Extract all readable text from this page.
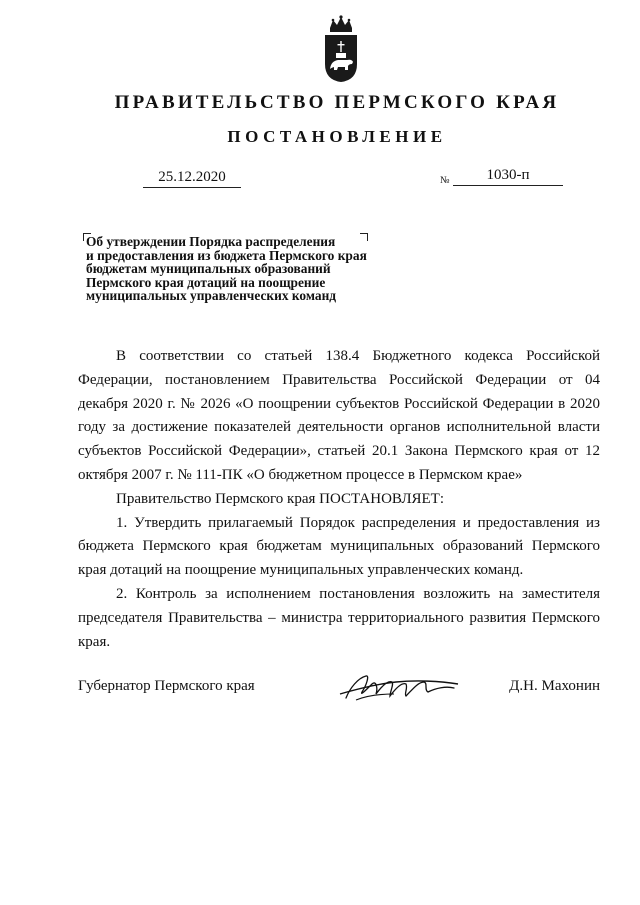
ПРАВИТЕЛЬСТВО ПЕРМСКОГО КРАЯ
ПОСТАНОВЛЕНИЕ
25.12.2020	№	1030-п
Об утверждении Порядка распределения
и предоставления из бюджета Пермского края
бюджетам муниципальных образований
Пермского края дотаций на поощрение
муниципальных управленческих команд

В соответствии со статьей 138.4 Бюджетного кодекса Российской Федерации, постановлением Правительства Российской Федерации от 04 декабря 2020 г. № 2026 «О поощрении субъектов Российской Федерации в 2020 году за достижение показателей деятельности органов исполнительной власти субъектов Российской Федерации», статьей 20.1 Закона Пермского края от 12 октября 2007 г. № 111-ПК «О бюджетном процессе в Пермском крае»

Правительство Пермского края ПОСТАНОВЛЯЕТ:

1. Утвердить прилагаемый Порядок распределения и предоставления из бюджета Пермского края бюджетам муниципальных образований Пермского края дотаций на поощрение муниципальных управленческих команд.

2. Контроль за исполнением постановления возложить на заместителя председателя Правительства – министра территориального развития Пермского края.

Губернатор Пермского края	Д.Н. Махонин
